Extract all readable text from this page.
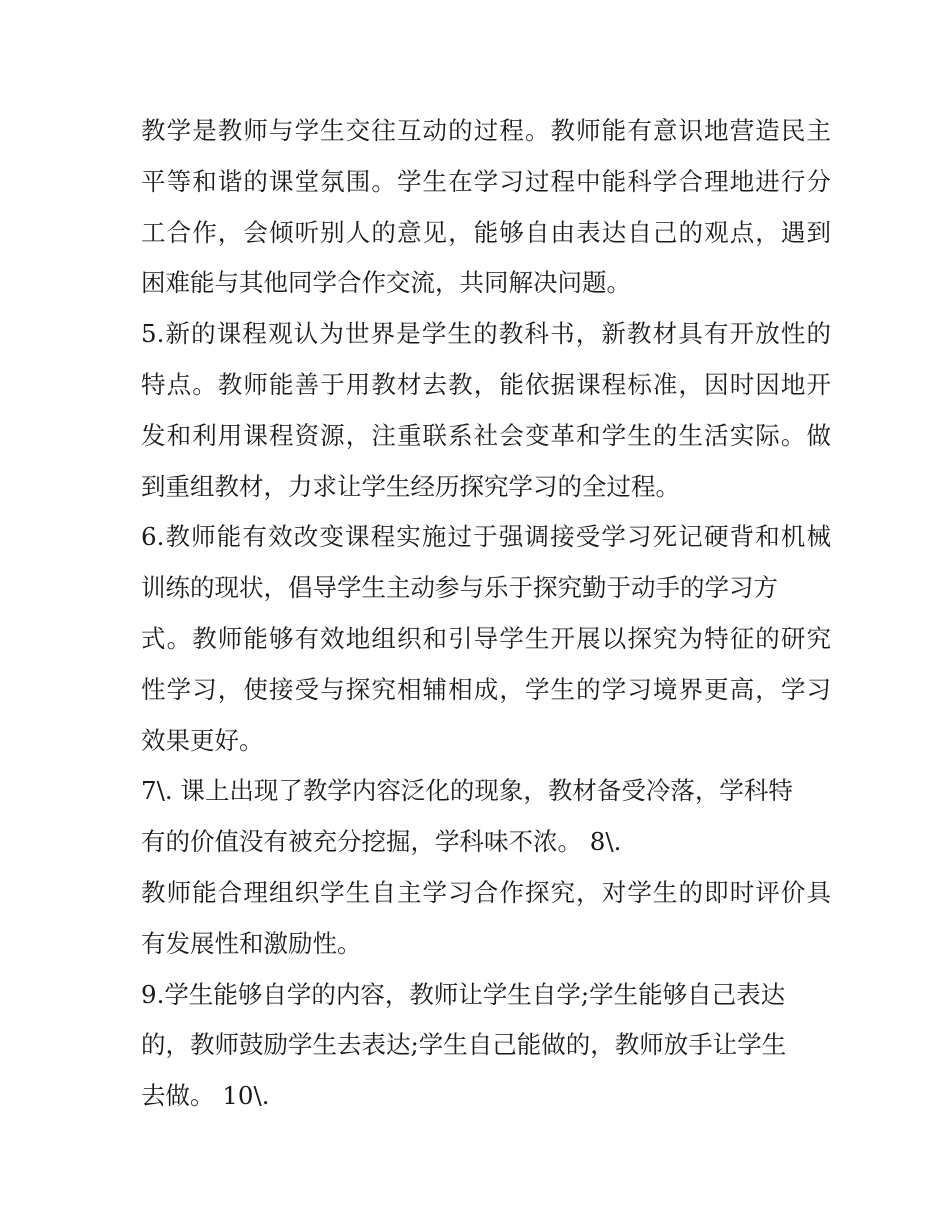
教学是教师与学生交往互动的过程。教师能有意识地营造民主
平等和谐的课堂氛围。学生在学习过程中能科学合理地进行分
工合作，会倾听别人的意见，能够自由表达自己的观点，遇到
困难能与其他同学合作交流，共同解决问题。
5.新的课程观认为世界是学生的教科书，新教材具有开放性的
特点。教师能善于用教材去教，能依据课程标准，因时因地开
发和利用课程资源，注重联系社会变革和学生的生活实际。做
到重组教材，力求让学生经历探究学习的全过程。
6.教师能有效改变课程实施过于强调接受学习死记硬背和机械
训练的现状，倡导学生主动参与乐于探究勤于动手的学习方
式。教师能够有效地组织和引导学生开展以探究为特征的研究
性学习，使接受与探究相辅相成，学生的学习境界更高，学习
效果更好。
7\. 课上出现了教学内容泛化的现象，教材备受冷落，学科特
有的价值没有被充分挖掘，学科味不浓。 8\.
教师能合理组织学生自主学习合作探究，对学生的即时评价具
有发展性和激励性。
9.学生能够自学的内容，教师让学生自学;学生能够自己表达
的，教师鼓励学生去表达;学生自己能做的，教师放手让学生
去做。 10\.
